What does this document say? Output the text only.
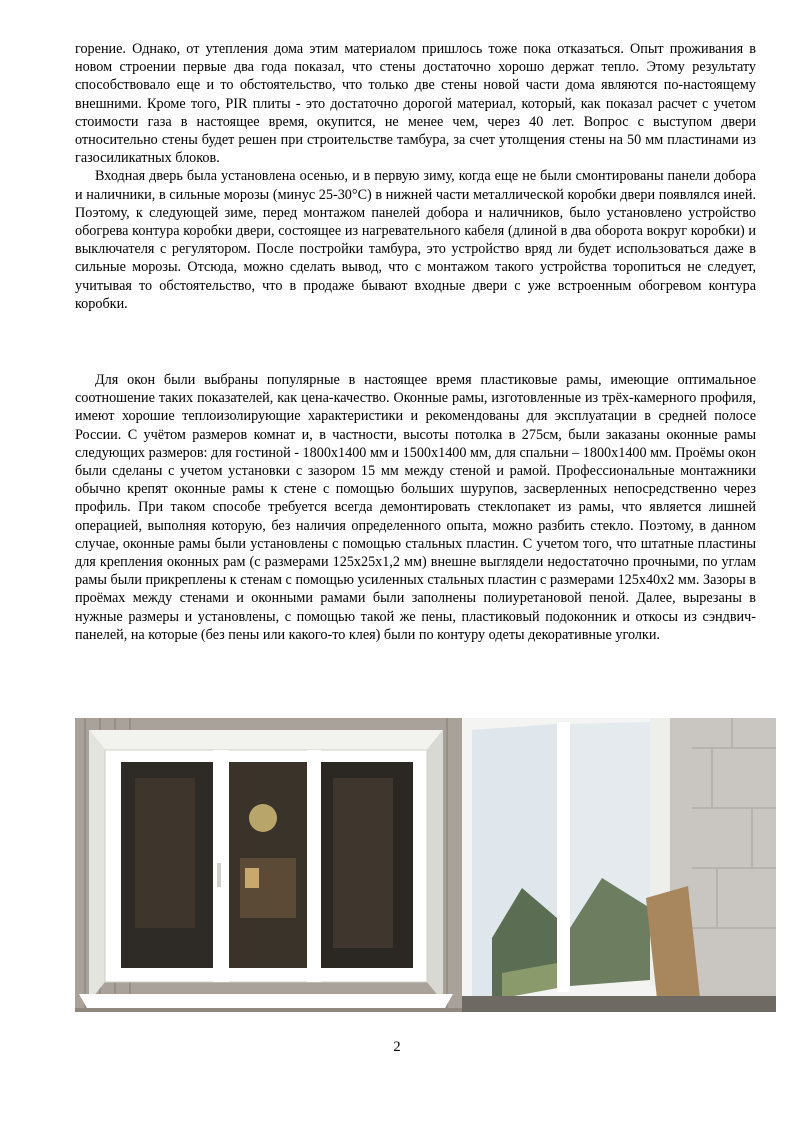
горение. Однако, от утепления дома этим материалом пришлось тоже пока отказаться. Опыт проживания в новом строении первые два года показал, что стены достаточно хорошо держат тепло. Этому результату способствовало еще и то обстоятельство, что только две стены новой части дома являются по-настоящему внешними. Кроме того, PIR плиты - это достаточно дорогой материал, который, как показал расчет с учетом стоимости газа в настоящее время, окупится, не менее чем, через 40 лет. Вопрос с выступом двери относительно стены будет решен при строительстве тамбура, за счет утолщения стены на 50 мм пластинами из газосиликатных блоков.

Входная дверь была установлена осенью, и в первую зиму, когда еще не были смонтированы панели добора и наличники, в сильные морозы (минус 25-30°С) в нижней части металлической коробки двери появлялся иней. Поэтому, к следующей зиме, перед монтажом панелей добора и наличников, было установлено устройство обогрева контура коробки двери, состоящее из нагревательного кабеля (длиной в два оборота вокруг коробки) и выключателя с регулятором. После постройки тамбура, это устройство вряд ли будет использоваться даже в сильные морозы. Отсюда, можно сделать вывод, что с монтажом такого устройства торопиться не следует, учитывая то обстоятельство, что в продаже бывают входные двери с уже встроенным обогревом контура коробки.

Для окон были выбраны популярные в настоящее время пластиковые рамы, имеющие оптимальное соотношение таких показателей, как цена-качество. Оконные рамы, изготовленные из трёх-камерного профиля, имеют хорошие теплоизолирующие характеристики и рекомендованы для эксплуатации в средней полосе России. С учётом размеров комнат и, в частности, высоты потолка в 275см, были заказаны оконные рамы следующих размеров: для гостиной - 1800х1400 мм и 1500х1400 мм, для спальни – 1800х1400 мм. Проёмы окон были сделаны с учетом установки с зазором 15 мм между стеной и рамой. Профессиональные монтажники обычно крепят оконные рамы к стене с помощью больших шурупов, засверленных непосредственно через профиль. При таком способе требуется всегда демонтировать стеклопакет из рамы, что является лишней операцией, выполняя которую, без наличия определенного опыта, можно разбить стекло. Поэтому, в данном случае, оконные рамы были установлены с помощью стальных пластин. С учетом того, что штатные пластины для крепления оконных рам (с размерами 125х25х1,2 мм) внешне выглядели недостаточно прочными, по углам рамы были прикреплены к стенам с помощью усиленных стальных пластин с размерами 125х40х2 мм. Зазоры в проёмах между стенами и оконными рамами были заполнены полиуретановой пеной. Далее, вырезаны в нужные размеры и установлены, с помощью такой же пены, пластиковый подоконник и откосы из сэндвич-панелей, на которые (без пены или какого-то клея) были по контуру одеты декоративные уголки.

2
